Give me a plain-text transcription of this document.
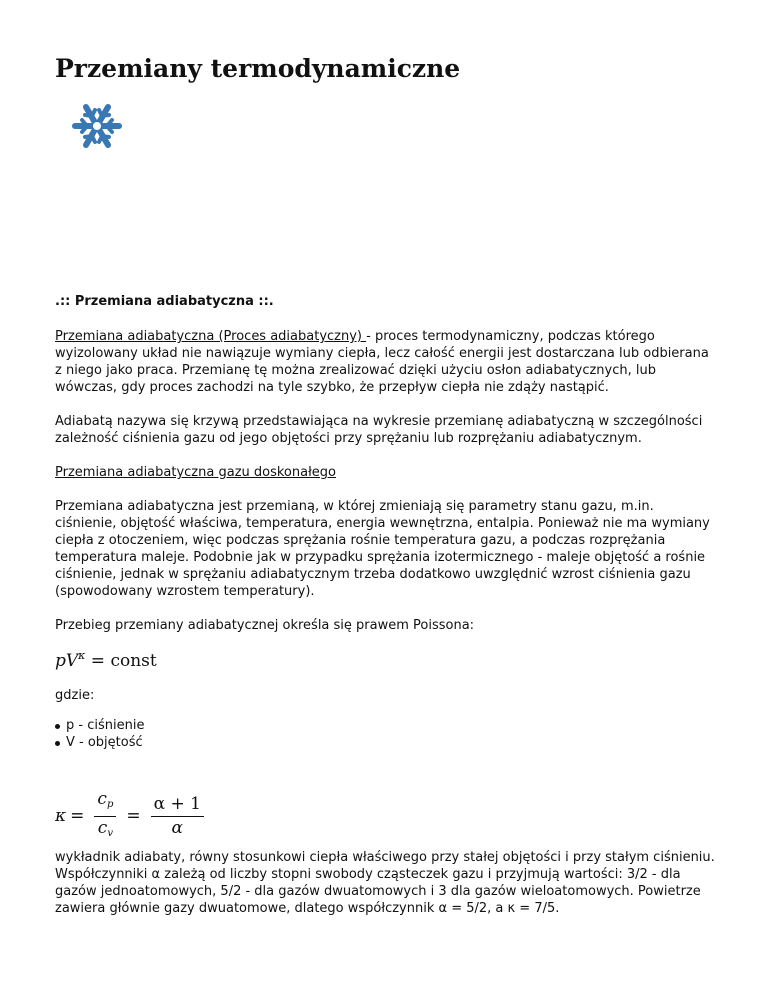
Przemiany termodynamiczne

.:: Przemiana adiabatyczna ::.

Przemiana adiabatyczna (Proces adiabatyczny) - proces termodynamiczny, podczas którego wyizolowany układ nie nawiązuje wymiany ciepła, lecz całość energii jest dostarczana lub odbierana z niego jako praca. Przemianę tę można zrealizować dzięki użyciu osłon adiabatycznych, lub wówczas, gdy proces zachodzi na tyle szybko, że przepływ ciepła nie zdąży nastąpić.

Adiabatą nazywa się krzywą przedstawiająca na wykresie przemianę adiabatyczną w szczególności zależność ciśnienia gazu od jego objętości przy sprężaniu lub rozprężaniu adiabatycznym.

Przemiana adiabatyczna gazu doskonałego

Przemiana adiabatyczna jest przemianą, w której zmieniają się parametry stanu gazu, m.in. ciśnienie, objętość właściwa, temperatura, energia wewnętrzna, entalpia. Ponieważ nie ma wymiany ciepła z otoczeniem, więc podczas sprężania rośnie temperatura gazu, a podczas rozprężania temperatura maleje. Podobnie jak w przypadku sprężania izotermicznego - maleje objętość a rośnie ciśnienie, jednak w sprężaniu adiabatycznym trzeba dodatkowo uwzględnić wzrost ciśnienia gazu (spowodowany wzrostem temperatury).

Przebieg przemiany adiabatycznej określa się prawem Poissona:

$pV^\kappa$ = const

gdzie:

p - ciśnienie
V - objętość
$\kappa = \frac{c_p}{c_v} = \frac{\alpha + 1}{\alpha}$

wykładnik adiabaty, równy stosunkowi ciepła właściwego przy stałej objętości i przy stałym ciśnieniu. Współczynniki α zależą od liczby stopni swobody cząsteczek gazu i przyjmują wartości: 3/2 - dla gazów jednoatomowych, 5/2 - dla gazów dwuatomowych i 3 dla gazów wieloatomowych. Powietrze zawiera głównie gazy dwuatomowe, dlatego współczynnik α = 5/2, a κ = 7/5.
